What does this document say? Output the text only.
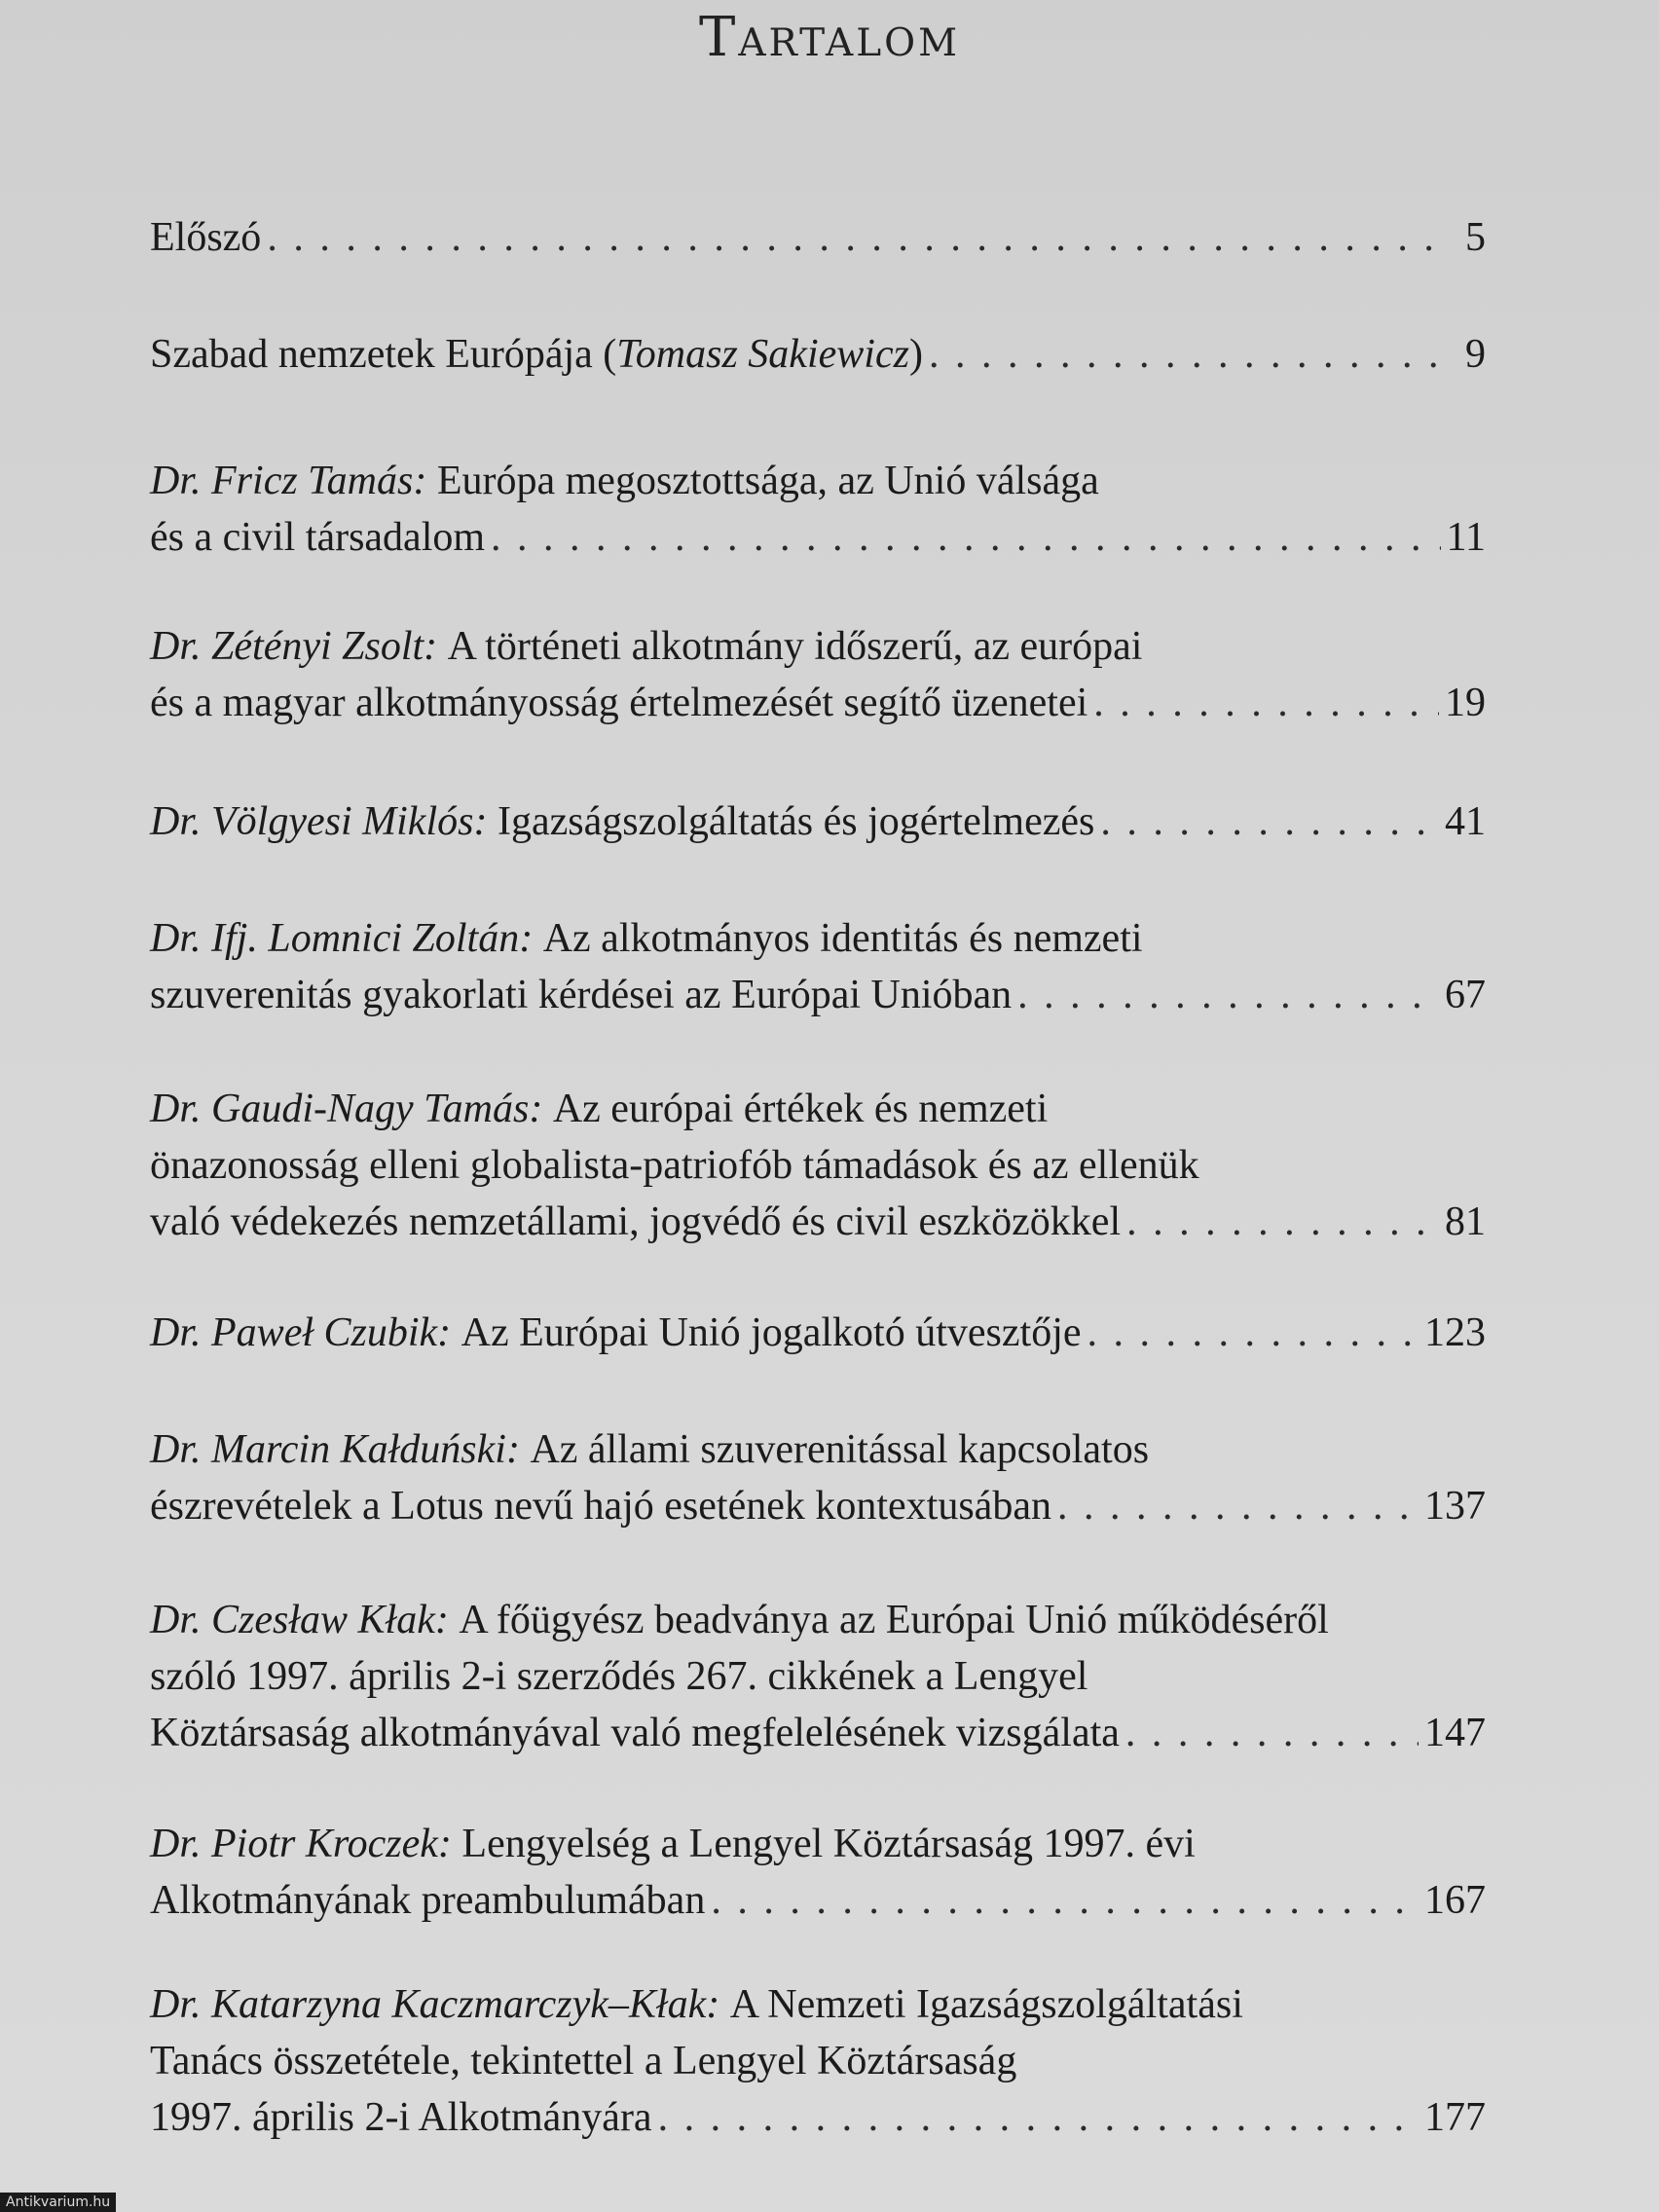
Tartalom
Előszó . . .	5
Szabad nemzetek Európája (Tomasz Sakiewicz) . . .	9
Dr. Fricz Tamás:
Európa megosztottsága, az Unió válsága
és a civil társadalom . . .	11
Dr. Zétényi Zsolt:
A történeti alkotmány időszerű, az európai
és a magyar alkotmányosság értelmezését segítő üzenetei . . .	19
Dr. Völgyesi Miklós:
Igazságszolgáltatás és jogértelmezés . . .	41
Dr. Ifj. Lomnici Zoltán:
Az alkotmányos identitás és nemzeti
szuverenitás gyakorlati kérdései az Európai Unióban . . .	67
Dr. Gaudi-Nagy Tamás:
Az európai értékek és nemzeti
önazonosság elleni globalista-patriofób támadások és az ellenük
való védekezés nemzetállami, jogvédő és civil eszközökkel . . .	81
Dr. Paweł Czubik:
Az Európai Unió jogalkotó útvesztője . . .	123
Dr. Marcin Kałduński:
Az állami szuverenitással kapcsolatos
észrevételek a Lotus nevű hajó esetének kontextusában . . .	137
Dr. Czesław Kłak:
A főügyész beadványa az Európai Unió működéséről
szóló 1997. április 2-i szerződés 267. cikkének a Lengyel
Köztársaság alkotmányával való megfelelésének vizsgálata . . .	147
Dr. Piotr Kroczek:
Lengyelség a Lengyel Köztársaság 1997. évi
Alkotmányának preambulumában . . .	167
Dr. Katarzyna Kaczmarczyk–Kłak:
A Nemzeti Igazságszolgáltatási
Tanács összetétele, tekintettel a Lengyel Köztársaság
1997. április 2-i Alkotmányára . . .	177
Antikvarium.hu
